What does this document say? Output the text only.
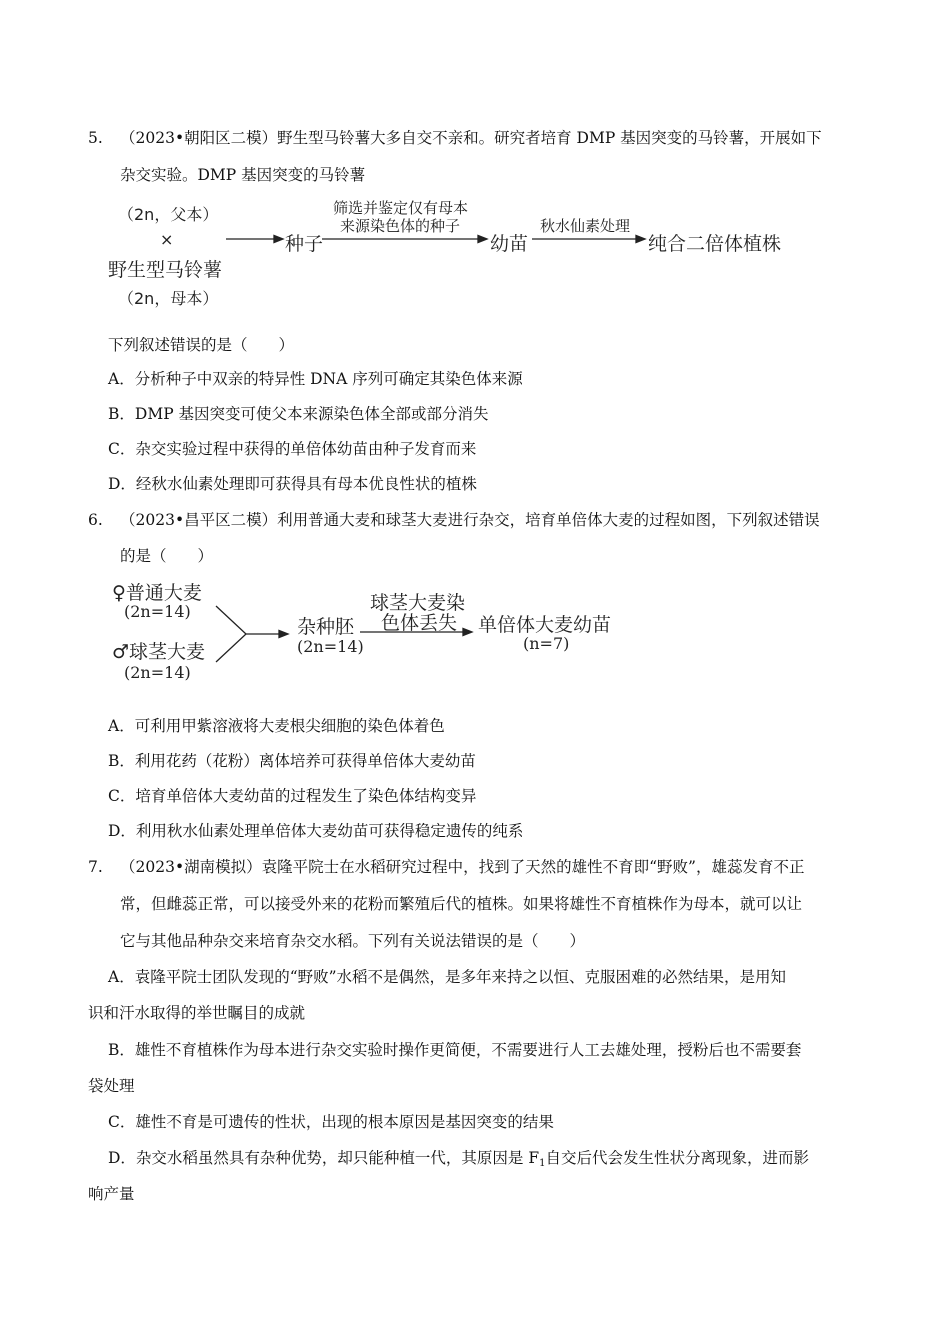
5. （2023•朝阳区二模）野生型马铃薯大多自交不亲和。研究者培育 DMP 基因突变的马铃薯，开展如下
杂交实验。DMP 基因突变的马铃薯
（2n，父本）
×
野生型马铃薯
（2n，母本）
种子
筛选并鉴定仅有母本
来源染色体的种子
幼苗
秋水仙素处理
纯合二倍体植株
下列叙述错误的是（　　）
A．分析种子中双亲的特异性 DNA 序列可确定其染色体来源
B．DMP 基因突变可使父本来源染色体全部或部分消失
C．杂交实验过程中获得的单倍体幼苗由种子发育而来
D．经秋水仙素处理即可获得具有母本优良性状的植株
6. （2023•昌平区二模）利用普通大麦和球茎大麦进行杂交，培育单倍体大麦的过程如图，下列叙述错误
的是（　　）
♀普通大麦
(2n=14)
♂球茎大麦
(2n=14)
杂种胚
(2n=14)
球茎大麦染
色体丢失 单倍体大麦幼苗
(n=7)
A．可利用甲紫溶液将大麦根尖细胞的染色体着色
B．利用花药（花粉）离体培养可获得单倍体大麦幼苗
C．培育单倍体大麦幼苗的过程发生了染色体结构变异
D．利用秋水仙素处理单倍体大麦幼苗可获得稳定遗传的纯系
7. （2023•湖南模拟）袁隆平院士在水稻研究过程中，找到了天然的雄性不育即“野败”，雄蕊发育不正
常，但雌蕊正常，可以接受外来的花粉而繁殖后代的植株。如果将雄性不育植株作为母本，就可以让
它与其他品种杂交来培育杂交水稻。下列有关说法错误的是（　　）
A．袁隆平院士团队发现的“野败”水稻不是偶然，是多年来持之以恒、克服困难的必然结果，是用知
识和汗水取得的举世瞩目的成就
B．雄性不育植株作为母本进行杂交实验时操作更简便，不需要进行人工去雄处理，授粉后也不需要套
袋处理
C．雄性不育是可遗传的性状，出现的根本原因是基因突变的结果
D．杂交水稻虽然具有杂种优势，却只能种植一代，其原因是 $F_1$自交后代会发生性状分离现象，进而影
响产量
